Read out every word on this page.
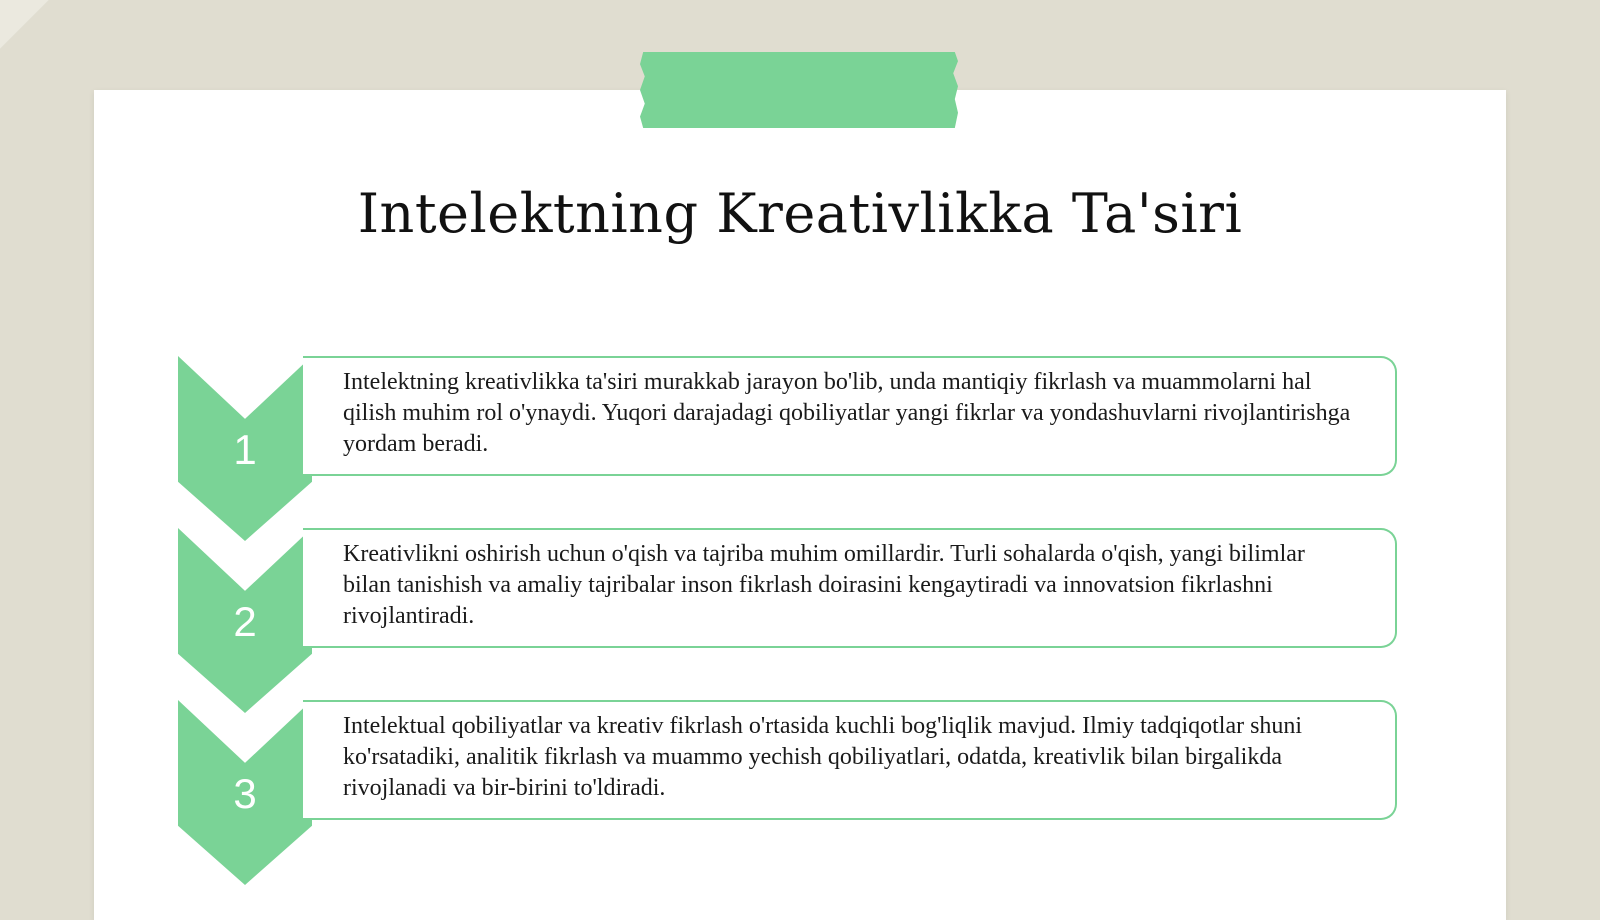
Intelektning Kreativlikka Ta'siri
1
Intelektning kreativlikka ta'siri murakkab jarayon bo'lib, unda mantiqiy fikrlash va muammolarni hal qilish muhim rol o'ynaydi. Yuqori darajadagi qobiliyatlar yangi fikrlar va yondashuvlarni rivojlantirishga yordam beradi.
2
Kreativlikni oshirish uchun o'qish va tajriba muhim omillardir. Turli sohalarda o'qish, yangi bilimlar bilan tanishish va amaliy tajribalar inson fikrlash doirasini kengaytiradi va innovatsion fikrlashni rivojlantiradi.
3
Intelektual qobiliyatlar va kreativ fikrlash o'rtasida kuchli bog'liqlik mavjud. Ilmiy tadqiqotlar shuni ko'rsatadiki, analitik fikrlash va muammo yechish qobiliyatlari, odatda, kreativlik bilan birgalikda rivojlanadi va bir-birini to'ldiradi.
